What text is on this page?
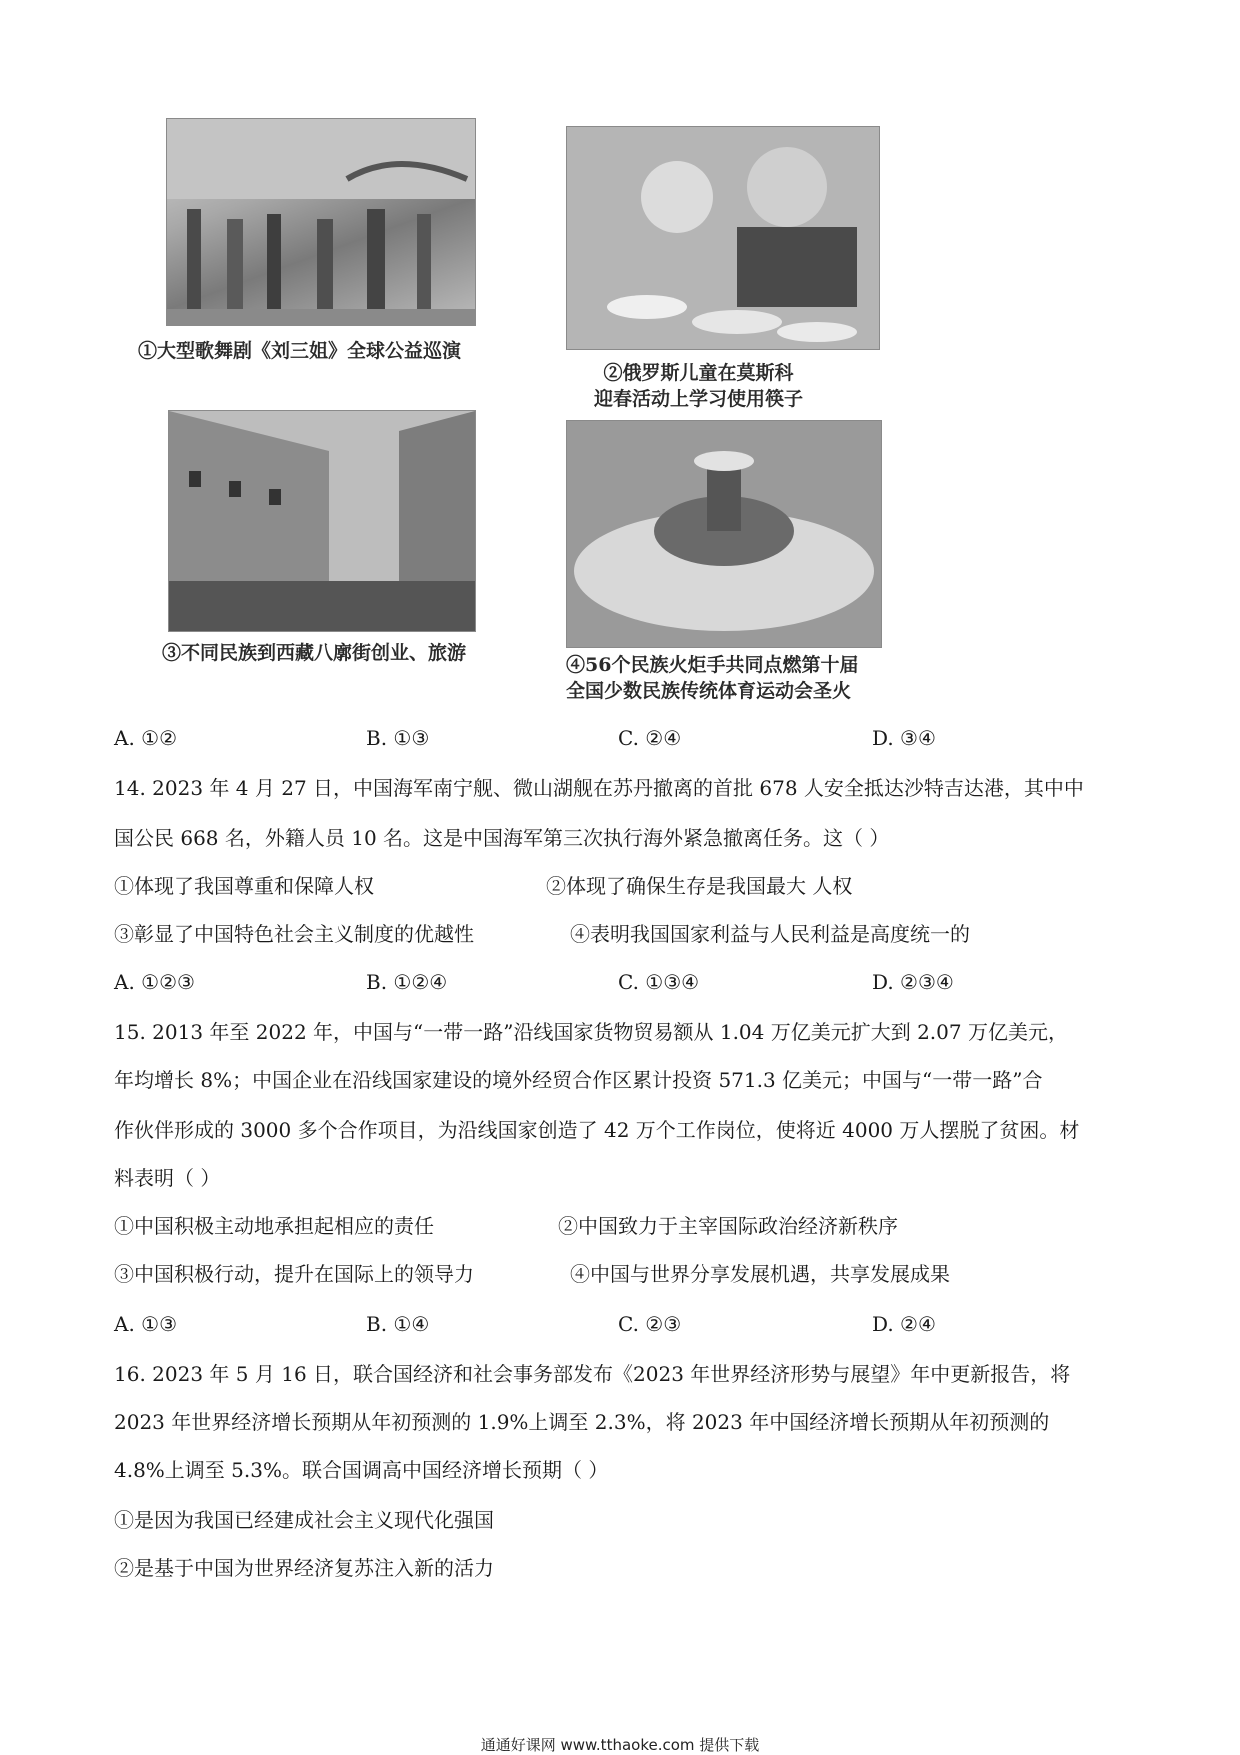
①大型歌舞剧《刘三姐》全球公益巡演
②俄罗斯儿童在莫斯科
迎春活动上学习使用筷子
③不同民族到西藏八廓街创业、旅游
④56个民族火炬手共同点燃第十届
全国少数民族传统体育运动会圣火
A. ①②	B. ①③	C. ②④	D. ③④
14. 2023 年 4 月 27 日，中国海军南宁舰、微山湖舰在苏丹撤离的首批 678 人安全抵达沙特吉达港，其中中
国公民 668 名，外籍人员 10 名。这是中国海军第三次执行海外紧急撤离任务。这（ ）
①体现了我国尊重和保障人权	②体现了确保生存是我国最大 人权
③彰显了中国特色社会主义制度的优越性	④表明我国国家利益与人民利益是高度统一的
A. ①②③	B. ①②④	C. ①③④	D. ②③④
15. 2013 年至 2022 年，中国与“一带一路”沿线国家货物贸易额从 1.04 万亿美元扩大到 2.07 万亿美元，
年均增长 8%；中国企业在沿线国家建设的境外经贸合作区累计投资 571.3 亿美元；中国与“一带一路”合
作伙伴形成的 3000 多个合作项目，为沿线国家创造了 42 万个工作岗位，使将近 4000 万人摆脱了贫困。材
料表明（ ）
①中国积极主动地承担起相应的责任	②中国致力于主宰国际政治经济新秩序
③中国积极行动，提升在国际上的领导力	④中国与世界分享发展机遇，共享发展成果
A. ①③	B. ①④	C. ②③	D. ②④
16. 2023 年 5 月 16 日，联合国经济和社会事务部发布《2023 年世界经济形势与展望》年中更新报告，将
2023 年世界经济增长预期从年初预测的 1.9%上调至 2.3%，将 2023 年中国经济增长预期从年初预测的
4.8%上调至 5.3%。联合国调高中国经济增长预期（ ）
①是因为我国已经建成社会主义现代化强国
②是基于中国为世界经济复苏注入新的活力
通通好课网 www.tthaoke.com 提供下载
